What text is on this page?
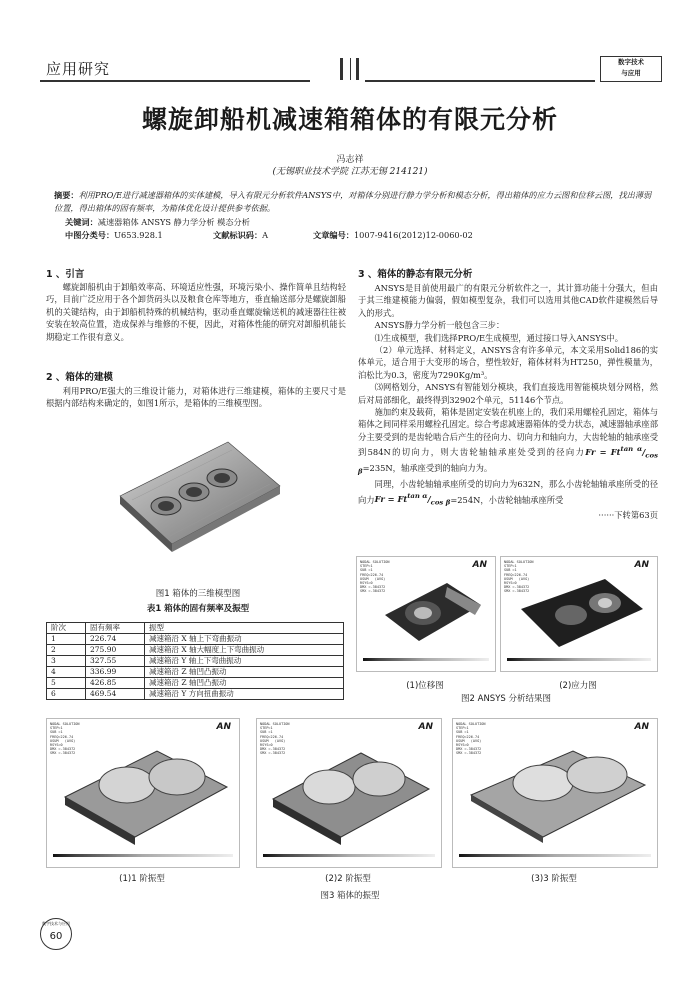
应用研究	数字技术
与应用
螺旋卸船机减速箱箱体的有限元分析
冯志祥
(无锡职业技术学院 江苏无锡 214121)
摘要：利用PRO/E进行减速器箱体的实体建模，导入有限元分析软件ANSYS中，对箱体分别进行静力学分析和模态分析，得出箱体的应力云图和位移云图，找出薄弱位置，得出箱体的固有频率，为箱体优化设计提供参考依据。
关键词：减速器箱体 ANSYS 静力学分析 模态分析
中图分类号：U653.928.1	文献标识码：A	文章编号：1007-9416(2012)12-0060-02
1 、引言
螺旋卸船机由于卸船效率高、环境适应性强，环境污染小、操作简单且结构轻巧，目前广泛应用于各个卸货码头以及粮食仓库等地方，垂直输送部分是螺旋卸船机的关键结构，由于卸船机特殊的机械结构，驱动垂直螺旋输送机的减速器往往被安装在较高位置，造成保养与维修的不便，因此，对箱体性能的研究对卸船机能长期稳定工作很有意义。
2 、箱体的建模
利用PRO/E强大的三维设计能力，对箱体进行三维建模，箱体的主要尺寸是根据内部结构来确定的，如图1所示，是箱体的三维模型图。
图1 箱体的三维模型图
表1 箱体的固有频率及振型
阶次	固有频率	振型
1	226.74	减速箱沿 X 轴上下弯曲振动
2	275.90	减速箱沿 X 轴大幅度上下弯曲振动
3	327.55	减速箱沿 Y 轴上下弯曲振动
4	336.99	减速箱沿 Z 轴凹凸振动
5	426.85	减速箱沿 Z 轴凹凸振动
6	469.54	减速箱沿 Y 方向扭曲振动
3 、箱体的静态有限元分析
ANSYS是目前使用最广的有限元分析软件之一，其计算功能十分强大，但由于其三维建模能力偏弱，假如模型复杂，我们可以选用其他CAD软件建模然后导入的形式。
ANSYS静力学分析一般包含三步：
⑴生成模型，我们选择PRO/E生成模型，通过接口导入ANSYS中。
（2）单元选择、材料定义，ANSYS含有许多单元，本文采用Solid186的实体单元，适合用于大变形的场合，塑性较好，箱体材料为HT250，弹性模量为，泊松比为0.3，密度为7290Kg/m³。
⑶网格划分，ANSYS有智能划分模块，我们直接选用智能模块划分网格，然后对局部细化，最终得到32902个单元，51146个节点。
施加约束及载荷，箱体是固定安装在机座上的，我们采用螺栓孔固定，箱体与箱体之间同样采用螺栓孔固定。综合考虑减速器箱体的受力状态，减速器轴承座部分主要受到的是齿轮啮合后产生的径向力、切向力和轴向力，大齿轮轴的轴承座受到584N的切向力，则大齿轮轴轴承座处受到的径向力$Fr = Ft^{tan \alpha}/_{cos \beta}=235N$，轴承座受到的轴向力为。
同理，小齿轮轴轴承座所受的切向力为632N，那么小齿轮轴轴承座所受的径向力$Fr = Ft^{tan \alpha}/_{cos \beta}=254N$，小齿轮轴轴承座所受
······下转第63页
NODAL SOLUTION
STEP=1
SUB =1
FREQ=226.74
USUM   (AVG)
RSYS=0
DMX =.384372
SMX =.384372
AN	NODAL SOLUTION
STEP=1
SUB =1
FREQ=226.74
USUM   (AVG)
RSYS=0
DMX =.384372
SMX =.384372
AN
(1)位移图	(2)应力图
图2 ANSYS 分析结果图
NODAL SOLUTION
STEP=1
SUB =1
FREQ=226.74
USUM   (AVG)
RSYS=0
DMX =.384372
SMX =.384372
AN	NODAL SOLUTION
STEP=1
SUB =1
FREQ=226.74
USUM   (AVG)
RSYS=0
DMX =.384372
SMX =.384372
AN	NODAL SOLUTION
STEP=1
SUB =1
FREQ=226.74
USUM   (AVG)
RSYS=0
DMX =.384372
SMX =.384372
AN
(1)1 阶振型	(2)2 阶振型	(3)3 阶振型
图3 箱体的振型
数字技术与应用
60
